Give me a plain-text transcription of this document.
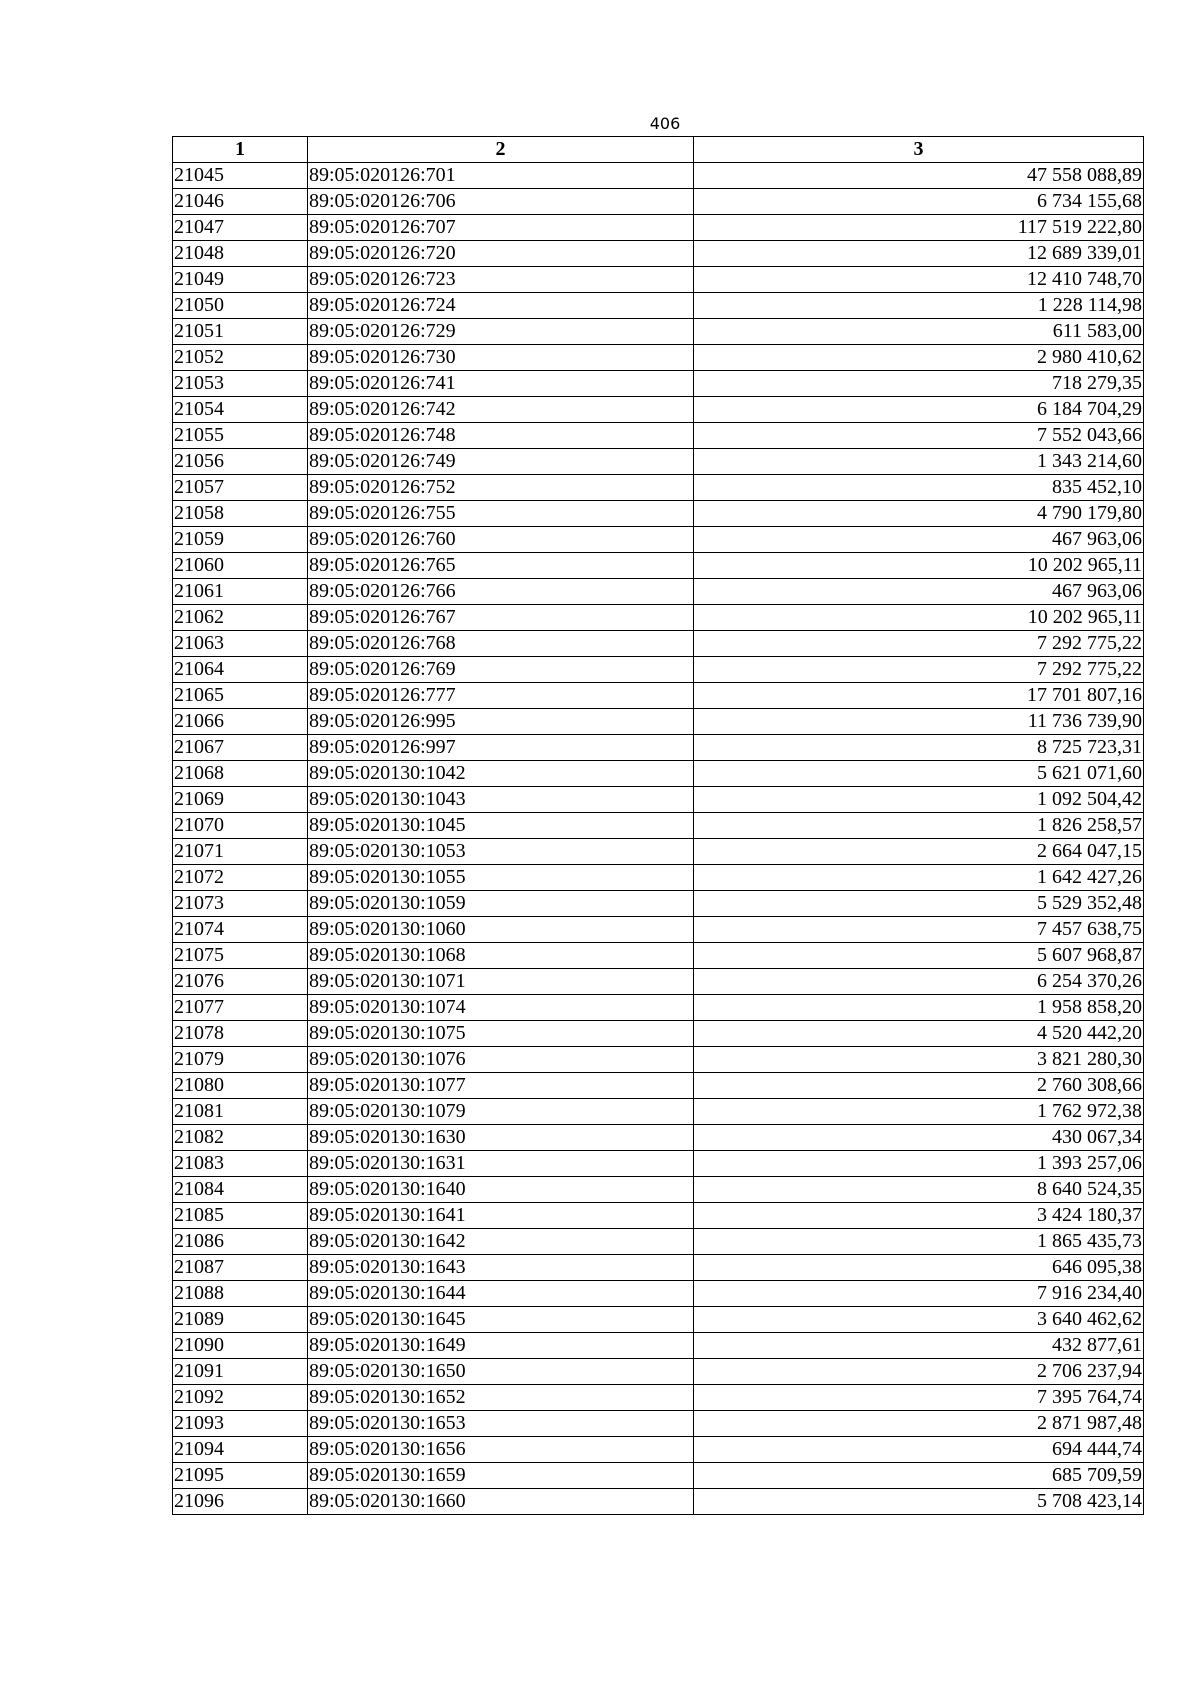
406
1	2	3
21045	89:05:020126:701	47 558 088,89
21046	89:05:020126:706	6 734 155,68
21047	89:05:020126:707	117 519 222,80
21048	89:05:020126:720	12 689 339,01
21049	89:05:020126:723	12 410 748,70
21050	89:05:020126:724	1 228 114,98
21051	89:05:020126:729	611 583,00
21052	89:05:020126:730	2 980 410,62
21053	89:05:020126:741	718 279,35
21054	89:05:020126:742	6 184 704,29
21055	89:05:020126:748	7 552 043,66
21056	89:05:020126:749	1 343 214,60
21057	89:05:020126:752	835 452,10
21058	89:05:020126:755	4 790 179,80
21059	89:05:020126:760	467 963,06
21060	89:05:020126:765	10 202 965,11
21061	89:05:020126:766	467 963,06
21062	89:05:020126:767	10 202 965,11
21063	89:05:020126:768	7 292 775,22
21064	89:05:020126:769	7 292 775,22
21065	89:05:020126:777	17 701 807,16
21066	89:05:020126:995	11 736 739,90
21067	89:05:020126:997	8 725 723,31
21068	89:05:020130:1042	5 621 071,60
21069	89:05:020130:1043	1 092 504,42
21070	89:05:020130:1045	1 826 258,57
21071	89:05:020130:1053	2 664 047,15
21072	89:05:020130:1055	1 642 427,26
21073	89:05:020130:1059	5 529 352,48
21074	89:05:020130:1060	7 457 638,75
21075	89:05:020130:1068	5 607 968,87
21076	89:05:020130:1071	6 254 370,26
21077	89:05:020130:1074	1 958 858,20
21078	89:05:020130:1075	4 520 442,20
21079	89:05:020130:1076	3 821 280,30
21080	89:05:020130:1077	2 760 308,66
21081	89:05:020130:1079	1 762 972,38
21082	89:05:020130:1630	430 067,34
21083	89:05:020130:1631	1 393 257,06
21084	89:05:020130:1640	8 640 524,35
21085	89:05:020130:1641	3 424 180,37
21086	89:05:020130:1642	1 865 435,73
21087	89:05:020130:1643	646 095,38
21088	89:05:020130:1644	7 916 234,40
21089	89:05:020130:1645	3 640 462,62
21090	89:05:020130:1649	432 877,61
21091	89:05:020130:1650	2 706 237,94
21092	89:05:020130:1652	7 395 764,74
21093	89:05:020130:1653	2 871 987,48
21094	89:05:020130:1656	694 444,74
21095	89:05:020130:1659	685 709,59
21096	89:05:020130:1660	5 708 423,14
